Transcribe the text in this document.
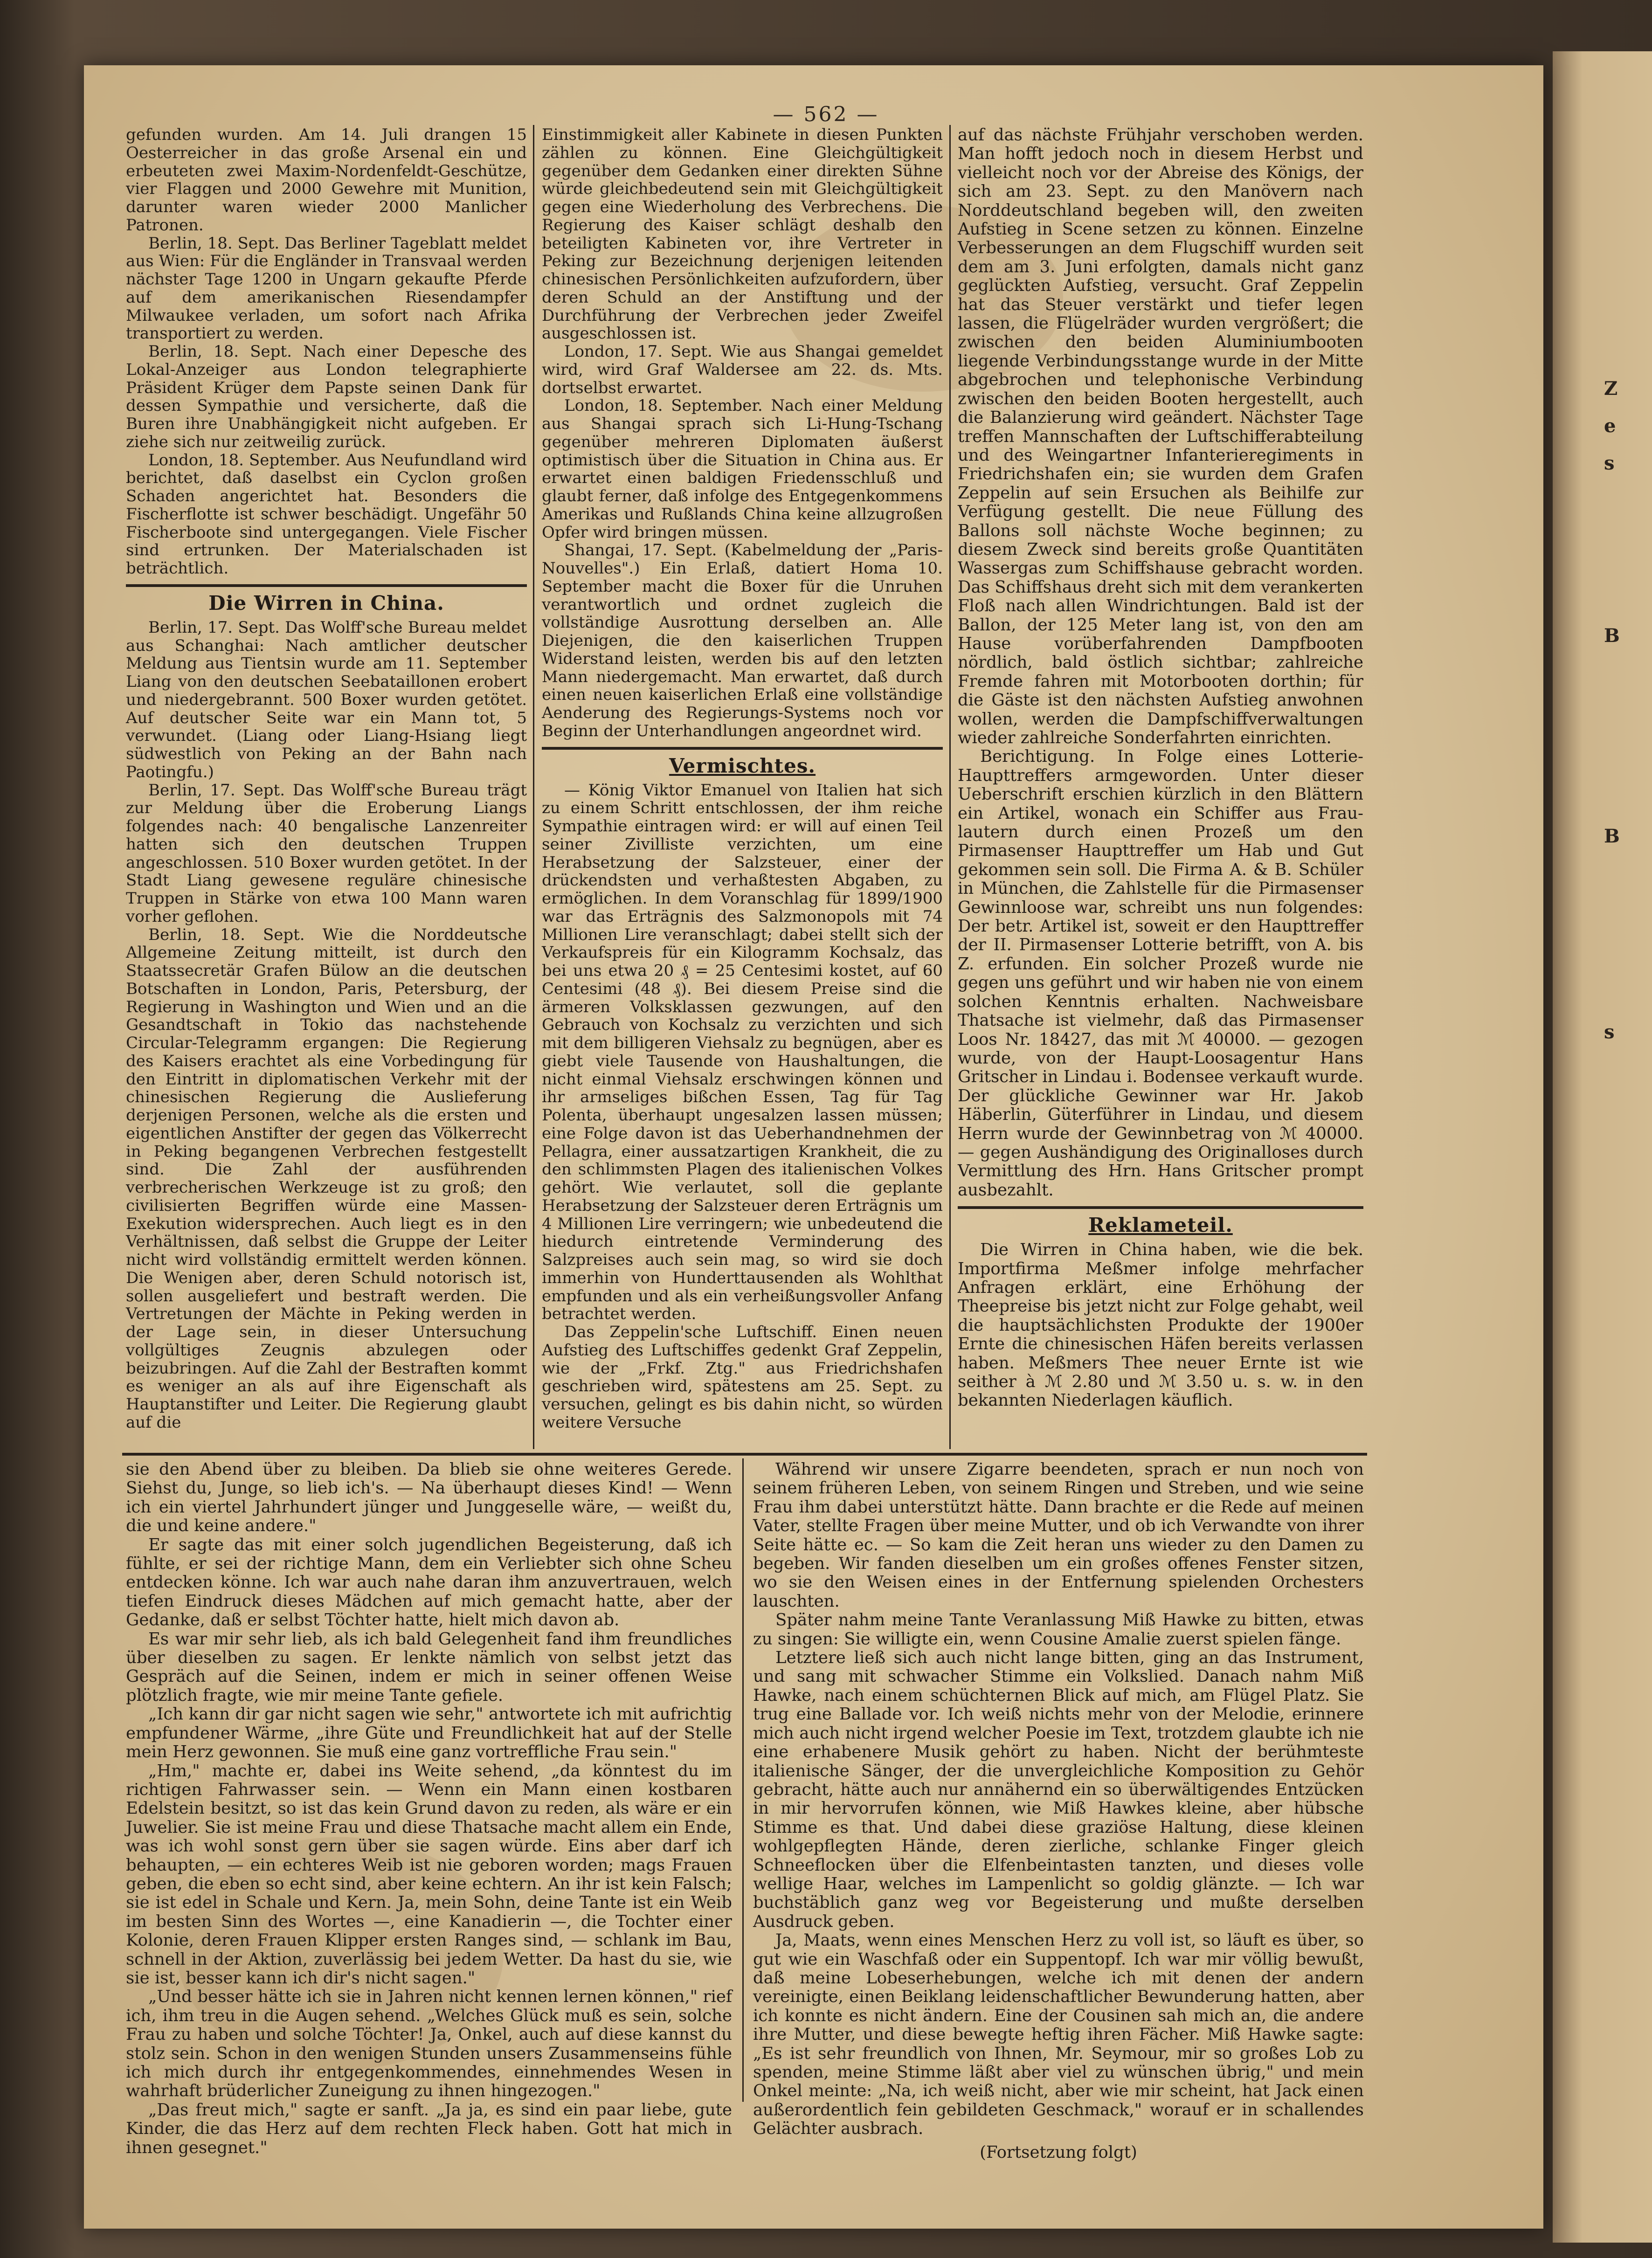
Z
e
s
B
B
s
— 562 —

gefunden wurden. Am 14. Juli drangen 15 Oesterreicher in das große Arsenal ein und erbeuteten zwei Maxim-Nordenfeldt-Geschütze, vier Flaggen und 2000 Gewehre mit Munition, darunter waren wieder 2000 Manlicher Patronen.

Berlin, 18. Sept. Das Berliner Tageblatt meldet aus Wien: Für die Engländer in Transvaal werden nächster Tage 1200 in Ungarn gekaufte Pferde auf dem amerikanischen Riesendampfer Milwaukee verladen, um sofort nach Afrika transportiert zu werden.

Berlin, 18. Sept. Nach einer Depesche des Lokal-Anzeiger aus London telegraphierte Präsident Krüger dem Papste seinen Dank für dessen Sympathie und versicherte, daß die Buren ihre Unabhängigkeit nicht aufgeben. Er ziehe sich nur zeitweilig zurück.

London, 18. September. Aus Neufundland wird berichtet, daß daselbst ein Cyclon großen Schaden angerichtet hat. Besonders die Fischerflotte ist schwer beschädigt. Ungefähr 50 Fischerboote sind untergegangen. Viele Fischer sind ertrunken. Der Materialschaden ist beträchtlich.

Die Wirren in China.

Berlin, 17. Sept. Das Wolff'sche Bureau meldet aus Schanghai: Nach amtlicher deutscher Meldung aus Tientsin wurde am 11. September Liang von den deutschen Seebataillonen erobert und niedergebrannt. 500 Boxer wurden getötet. Auf deutscher Seite war ein Mann tot, 5 verwundet. (Liang oder Liang-Hsiang liegt südwestlich von Peking an der Bahn nach Paotingfu.)

Berlin, 17. Sept. Das Wolff'sche Bureau trägt zur Meldung über die Eroberung Liangs folgendes nach: 40 bengalische Lanzenreiter hatten sich den deutschen Truppen angeschlossen. 510 Boxer wurden getötet. In der Stadt Liang gewesene reguläre chinesische Truppen in Stärke von etwa 100 Mann waren vorher geflohen.

Berlin, 18. Sept. Wie die Norddeutsche Allgemeine Zeitung mitteilt, ist durch den Staatssecretär Grafen Bülow an die deutschen Botschaften in London, Paris, Petersburg, der Regierung in Washington und Wien und an die Gesandtschaft in Tokio das nachstehende Circular-Telegramm ergangen: Die Regierung des Kaisers erachtet als eine Vorbedingung für den Eintritt in diplomatischen Verkehr mit der chinesischen Regierung die Auslieferung derjenigen Personen, welche als die ersten und eigentlichen Anstifter der gegen das Völkerrecht in Peking begangenen Verbrechen festgestellt sind. Die Zahl der ausführenden verbrecherischen Werkzeuge ist zu groß; den civilisierten Begriffen würde eine Massen-Exekution widersprechen. Auch liegt es in den Verhältnissen, daß selbst die Gruppe der Leiter nicht wird vollständig ermittelt werden können. Die Wenigen aber, deren Schuld notorisch ist, sollen ausgeliefert und bestraft werden. Die Vertretungen der Mächte in Peking werden in der Lage sein, in dieser Untersuchung vollgültiges Zeugnis abzulegen oder beizubringen. Auf die Zahl der Bestraften kommt es weniger an als auf ihre Eigenschaft als Hauptanstifter und Leiter. Die Regierung glaubt auf die

Einstimmigkeit aller Kabinete in diesen Punkten zählen zu können. Eine Gleichgültigkeit gegenüber dem Gedanken einer direkten Sühne würde gleichbedeutend sein mit Gleichgültigkeit gegen eine Wiederholung des Verbrechens. Die Regierung des Kaiser schlägt deshalb den beteiligten Kabineten vor, ihre Vertreter in Peking zur Bezeichnung derjenigen leitenden chinesischen Persönlichkeiten aufzufordern, über deren Schuld an der Anstiftung und der Durchführung der Verbrechen jeder Zweifel ausgeschlossen ist.

London, 17. Sept. Wie aus Shangai gemeldet wird, wird Graf Waldersee am 22. ds. Mts. dortselbst erwartet.

London, 18. September. Nach einer Meldung aus Shangai sprach sich Li-Hung-Tschang gegenüber mehreren Diplomaten äußerst optimistisch über die Situation in China aus. Er erwartet einen baldigen Friedensschluß und glaubt ferner, daß infolge des Entgegenkommens Amerikas und Rußlands China keine allzugroßen Opfer wird bringen müssen.

Shangai, 17. Sept. (Kabelmeldung der „Paris-Nouvelles".) Ein Erlaß, datiert Homa 10. September macht die Boxer für die Unruhen verantwortlich und ordnet zugleich die vollständige Ausrottung derselben an. Alle Diejenigen, die den kaiserlichen Truppen Widerstand leisten, werden bis auf den letzten Mann niedergemacht. Man erwartet, daß durch einen neuen kaiserlichen Erlaß eine vollständige Aenderung des Regierungs-Systems noch vor Beginn der Unterhandlungen angeordnet wird.

Vermischtes.

— König Viktor Emanuel von Italien hat sich zu einem Schritt entschlossen, der ihm reiche Sympathie eintragen wird: er will auf einen Teil seiner Zivilliste verzichten, um eine Herabsetzung der Salzsteuer, einer der drückendsten und verhaßtesten Abgaben, zu ermöglichen. In dem Voranschlag für 1899/1900 war das Erträgnis des Salzmonopols mit 74 Millionen Lire veranschlagt; dabei stellt sich der Verkaufspreis für ein Kilogramm Kochsalz, das bei uns etwa 20 ₰ = 25 Centesimi kostet, auf 60 Centesimi (48 ₰). Bei diesem Preise sind die ärmeren Volksklassen gezwungen, auf den Gebrauch von Kochsalz zu verzichten und sich mit dem billigeren Viehsalz zu begnügen, aber es giebt viele Tausende von Haushaltungen, die nicht einmal Viehsalz erschwingen können und ihr armseliges bißchen Essen, Tag für Tag Polenta, überhaupt ungesalzen lassen müssen; eine Folge davon ist das Ueberhandnehmen der Pellagra, einer aussatzartigen Krankheit, die zu den schlimmsten Plagen des italienischen Volkes gehört. Wie verlautet, soll die geplante Herabsetzung der Salzsteuer deren Erträgnis um 4 Millionen Lire verringern; wie unbedeutend die hiedurch eintretende Verminderung des Salzpreises auch sein mag, so wird sie doch immerhin von Hunderttausenden als Wohlthat empfunden und als ein verheißungsvoller Anfang betrachtet werden.

Das Zeppelin'sche Luftschiff. Einen neuen Aufstieg des Luftschiffes gedenkt Graf Zeppelin, wie der „Frkf. Ztg." aus Friedrichshafen geschrieben wird, spätestens am 25. Sept. zu versuchen, gelingt es bis dahin nicht, so würden weitere Versuche

auf das nächste Frühjahr verschoben werden. Man hofft jedoch noch in diesem Herbst und vielleicht noch vor der Abreise des Königs, der sich am 23. Sept. zu den Manövern nach Norddeutschland begeben will, den zweiten Aufstieg in Scene setzen zu können. Einzelne Verbesserungen an dem Flugschiff wurden seit dem am 3. Juni erfolgten, damals nicht ganz geglückten Aufstieg, versucht. Graf Zeppelin hat das Steuer verstärkt und tiefer legen lassen, die Flügelräder wurden vergrößert; die zwischen den beiden Aluminiumbooten liegende Verbindungsstange wurde in der Mitte abgebrochen und telephonische Verbindung zwischen den beiden Booten hergestellt, auch die Balanzierung wird geändert. Nächster Tage treffen Mannschaften der Luftschifferabteilung und des Weingartner Infanterieregiments in Friedrichshafen ein; sie wurden dem Grafen Zeppelin auf sein Ersuchen als Beihilfe zur Verfügung gestellt. Die neue Füllung des Ballons soll nächste Woche beginnen; zu diesem Zweck sind bereits große Quantitäten Wassergas zum Schiffshause gebracht worden. Das Schiffshaus dreht sich mit dem verankerten Floß nach allen Windrichtungen. Bald ist der Ballon, der 125 Meter lang ist, von den am Hause vorüberfahrenden Dampfbooten nördlich, bald östlich sichtbar; zahlreiche Fremde fahren mit Motorbooten dorthin; für die Gäste ist den nächsten Aufstieg anwohnen wollen, werden die Dampfschiffverwaltungen wieder zahlreiche Sonderfahrten einrichten.

Berichtigung. In Folge eines Lotterie-Haupttreffers armgeworden. Unter dieser Ueberschrift erschien kürzlich in den Blättern ein Artikel, wonach ein Schiffer aus Frau-lautern durch einen Prozeß um den Pirmasenser Haupttreffer um Hab und Gut gekommen sein soll. Die Firma A. & B. Schüler in München, die Zahlstelle für die Pirmasenser Gewinnloose war, schreibt uns nun folgendes: Der betr. Artikel ist, soweit er den Haupttreffer der II. Pirmasenser Lotterie betrifft, von A. bis Z. erfunden. Ein solcher Prozeß wurde nie gegen uns geführt und wir haben nie von einem solchen Kenntnis erhalten. Nachweisbare Thatsache ist vielmehr, daß das Pirmasenser Loos Nr. 18427, das mit ℳ 40000. — gezogen wurde, von der Haupt-Loosagentur Hans Gritscher in Lindau i. Bodensee verkauft wurde. Der glückliche Gewinner war Hr. Jakob Häberlin, Güterführer in Lindau, und diesem Herrn wurde der Gewinnbetrag von ℳ 40000. — gegen Aushändigung des Originalloses durch Vermittlung des Hrn. Hans Gritscher prompt ausbezahlt.

Reklameteil.

Die Wirren in China haben, wie die bek. Importfirma Meßmer infolge mehrfacher Anfragen erklärt, eine Erhöhung der Theepreise bis jetzt nicht zur Folge gehabt, weil die hauptsächlichsten Produkte der 1900er Ernte die chinesischen Häfen bereits verlassen haben. Meßmers Thee neuer Ernte ist wie seither à ℳ 2.80 und ℳ 3.50 u. s. w. in den bekannten Niederlagen käuflich.

sie den Abend über zu bleiben. Da blieb sie ohne weiteres Gerede. Siehst du, Junge, so lieb ich's. — Na überhaupt dieses Kind! — Wenn ich ein viertel Jahrhundert jünger und Junggeselle wäre, — weißt du, die und keine andere."

Er sagte das mit einer solch jugendlichen Begeisterung, daß ich fühlte, er sei der richtige Mann, dem ein Verliebter sich ohne Scheu entdecken könne. Ich war auch nahe daran ihm anzuvertrauen, welch tiefen Eindruck dieses Mädchen auf mich gemacht hatte, aber der Gedanke, daß er selbst Töchter hatte, hielt mich davon ab.

Es war mir sehr lieb, als ich bald Gelegenheit fand ihm freundliches über dieselben zu sagen. Er lenkte nämlich von selbst jetzt das Gespräch auf die Seinen, indem er mich in seiner offenen Weise plötzlich fragte, wie mir meine Tante gefiele.

„Ich kann dir gar nicht sagen wie sehr," antwortete ich mit aufrichtig empfundener Wärme, „ihre Güte und Freundlichkeit hat auf der Stelle mein Herz gewonnen. Sie muß eine ganz vortreffliche Frau sein."

„Hm," machte er, dabei ins Weite sehend, „da könntest du im richtigen Fahrwasser sein. — Wenn ein Mann einen kostbaren Edelstein besitzt, so ist das kein Grund davon zu reden, als wäre er ein Juwelier. Sie ist meine Frau und diese Thatsache macht allem ein Ende, was ich wohl sonst gern über sie sagen würde. Eins aber darf ich behaupten, — ein echteres Weib ist nie geboren worden; mags Frauen geben, die eben so echt sind, aber keine echtern. An ihr ist kein Falsch; sie ist edel in Schale und Kern. Ja, mein Sohn, deine Tante ist ein Weib im besten Sinn des Wortes —, eine Kanadierin —, die Tochter einer Kolonie, deren Frauen Klipper ersten Ranges sind, — schlank im Bau, schnell in der Aktion, zuverlässig bei jedem Wetter. Da hast du sie, wie sie ist, besser kann ich dir's nicht sagen."

„Und besser hätte ich sie in Jahren nicht kennen lernen können," rief ich, ihm treu in die Augen sehend. „Welches Glück muß es sein, solche Frau zu haben und solche Töchter! Ja, Onkel, auch auf diese kannst du stolz sein. Schon in den wenigen Stunden unsers Zusammenseins fühle ich mich durch ihr entgegenkommendes, einnehmendes Wesen in wahrhaft brüderlicher Zuneigung zu ihnen hingezogen."

„Das freut mich," sagte er sanft. „Ja ja, es sind ein paar liebe, gute Kinder, die das Herz auf dem rechten Fleck haben. Gott hat mich in ihnen gesegnet."

Während wir unsere Zigarre beendeten, sprach er nun noch von seinem früheren Leben, von seinem Ringen und Streben, und wie seine Frau ihm dabei unterstützt hätte. Dann brachte er die Rede auf meinen Vater, stellte Fragen über meine Mutter, und ob ich Verwandte von ihrer Seite hätte ec. — So kam die Zeit heran uns wieder zu den Damen zu begeben. Wir fanden dieselben um ein großes offenes Fenster sitzen, wo sie den Weisen eines in der Entfernung spielenden Orchesters lauschten.

Später nahm meine Tante Veranlassung Miß Hawke zu bitten, etwas zu singen: Sie willigte ein, wenn Cousine Amalie zuerst spielen fänge.

Letztere ließ sich auch nicht lange bitten, ging an das Instrument, und sang mit schwacher Stimme ein Volkslied. Danach nahm Miß Hawke, nach einem schüchternen Blick auf mich, am Flügel Platz. Sie trug eine Ballade vor. Ich weiß nichts mehr von der Melodie, erinnere mich auch nicht irgend welcher Poesie im Text, trotzdem glaubte ich nie eine erhabenere Musik gehört zu haben. Nicht der berühmteste italienische Sänger, der die unvergleichliche Komposition zu Gehör gebracht, hätte auch nur annähernd ein so überwältigendes Entzücken in mir hervorrufen können, wie Miß Hawkes kleine, aber hübsche Stimme es that. Und dabei diese graziöse Haltung, diese kleinen wohlgepflegten Hände, deren zierliche, schlanke Finger gleich Schneeflocken über die Elfenbeintasten tanzten, und dieses volle wellige Haar, welches im Lampenlicht so goldig glänzte. — Ich war buchstäblich ganz weg vor Begeisterung und mußte derselben Ausdruck geben.

Ja, Maats, wenn eines Menschen Herz zu voll ist, so läuft es über, so gut wie ein Waschfaß oder ein Suppentopf. Ich war mir völlig bewußt, daß meine Lobeserhebungen, welche ich mit denen der andern vereinigte, einen Beiklang leidenschaftlicher Bewunderung hatten, aber ich konnte es nicht ändern. Eine der Cousinen sah mich an, die andere ihre Mutter, und diese bewegte heftig ihren Fächer. Miß Hawke sagte: „Es ist sehr freundlich von Ihnen, Mr. Seymour, mir so großes Lob zu spenden, meine Stimme läßt aber viel zu wünschen übrig," und mein Onkel meinte: „Na, ich weiß nicht, aber wie mir scheint, hat Jack einen außerordentlich fein gebildeten Geschmack," worauf er in schallendes Gelächter ausbrach.

(Fortsetzung folgt)
